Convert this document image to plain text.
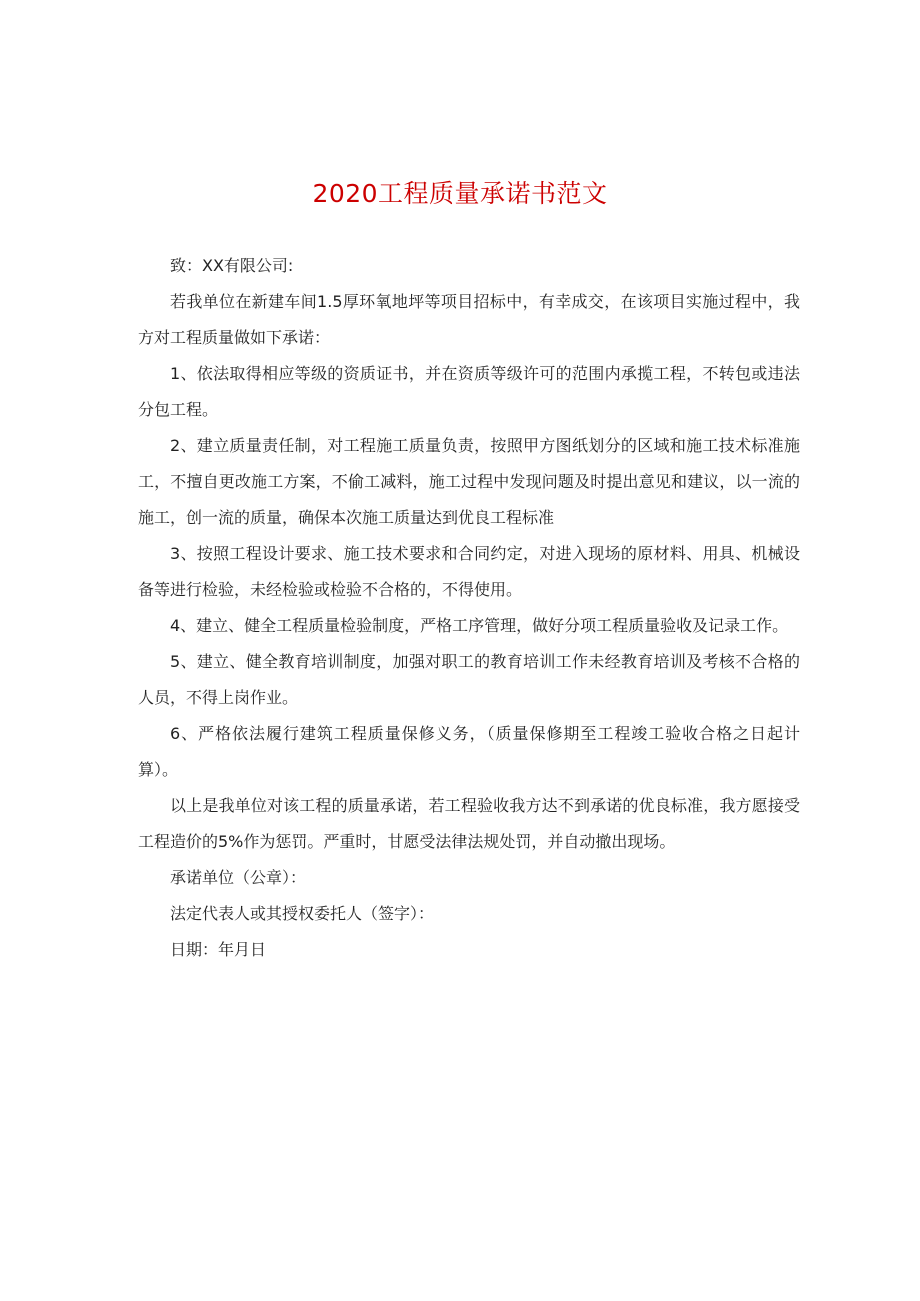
2020工程质量承诺书范文

致：XX有限公司:

若我单位在新建车间1.5厚环氧地坪等项目招标中，有幸成交，在该项目实施过程中，我方对工程质量做如下承诺：

1、依法取得相应等级的资质证书，并在资质等级许可的范围内承揽工程，不转包或违法分包工程。

2、建立质量责任制，对工程施工质量负责，按照甲方图纸划分的区域和施工技术标准施工，不擅自更改施工方案，不偷工减料，施工过程中发现问题及时提出意见和建议，以一流的施工，创一流的质量，确保本次施工质量达到优良工程标准

3、按照工程设计要求、施工技术要求和合同约定，对进入现场的原材料、用具、机械设备等进行检验，未经检验或检验不合格的，不得使用。

4、建立、健全工程质量检验制度，严格工序管理，做好分项工程质量验收及记录工作。

5、建立、健全教育培训制度，加强对职工的教育培训工作未经教育培训及考核不合格的人员，不得上岗作业。

6、严格依法履行建筑工程质量保修义务，（质量保修期至工程竣工验收合格之日起计算）。

以上是我单位对该工程的质量承诺，若工程验收我方达不到承诺的优良标准，我方愿接受工程造价的5%作为惩罚。严重时，甘愿受法律法规处罚，并自动撤出现场。

承诺单位（公章）：

法定代表人或其授权委托人（签字）：

日期：年月日
